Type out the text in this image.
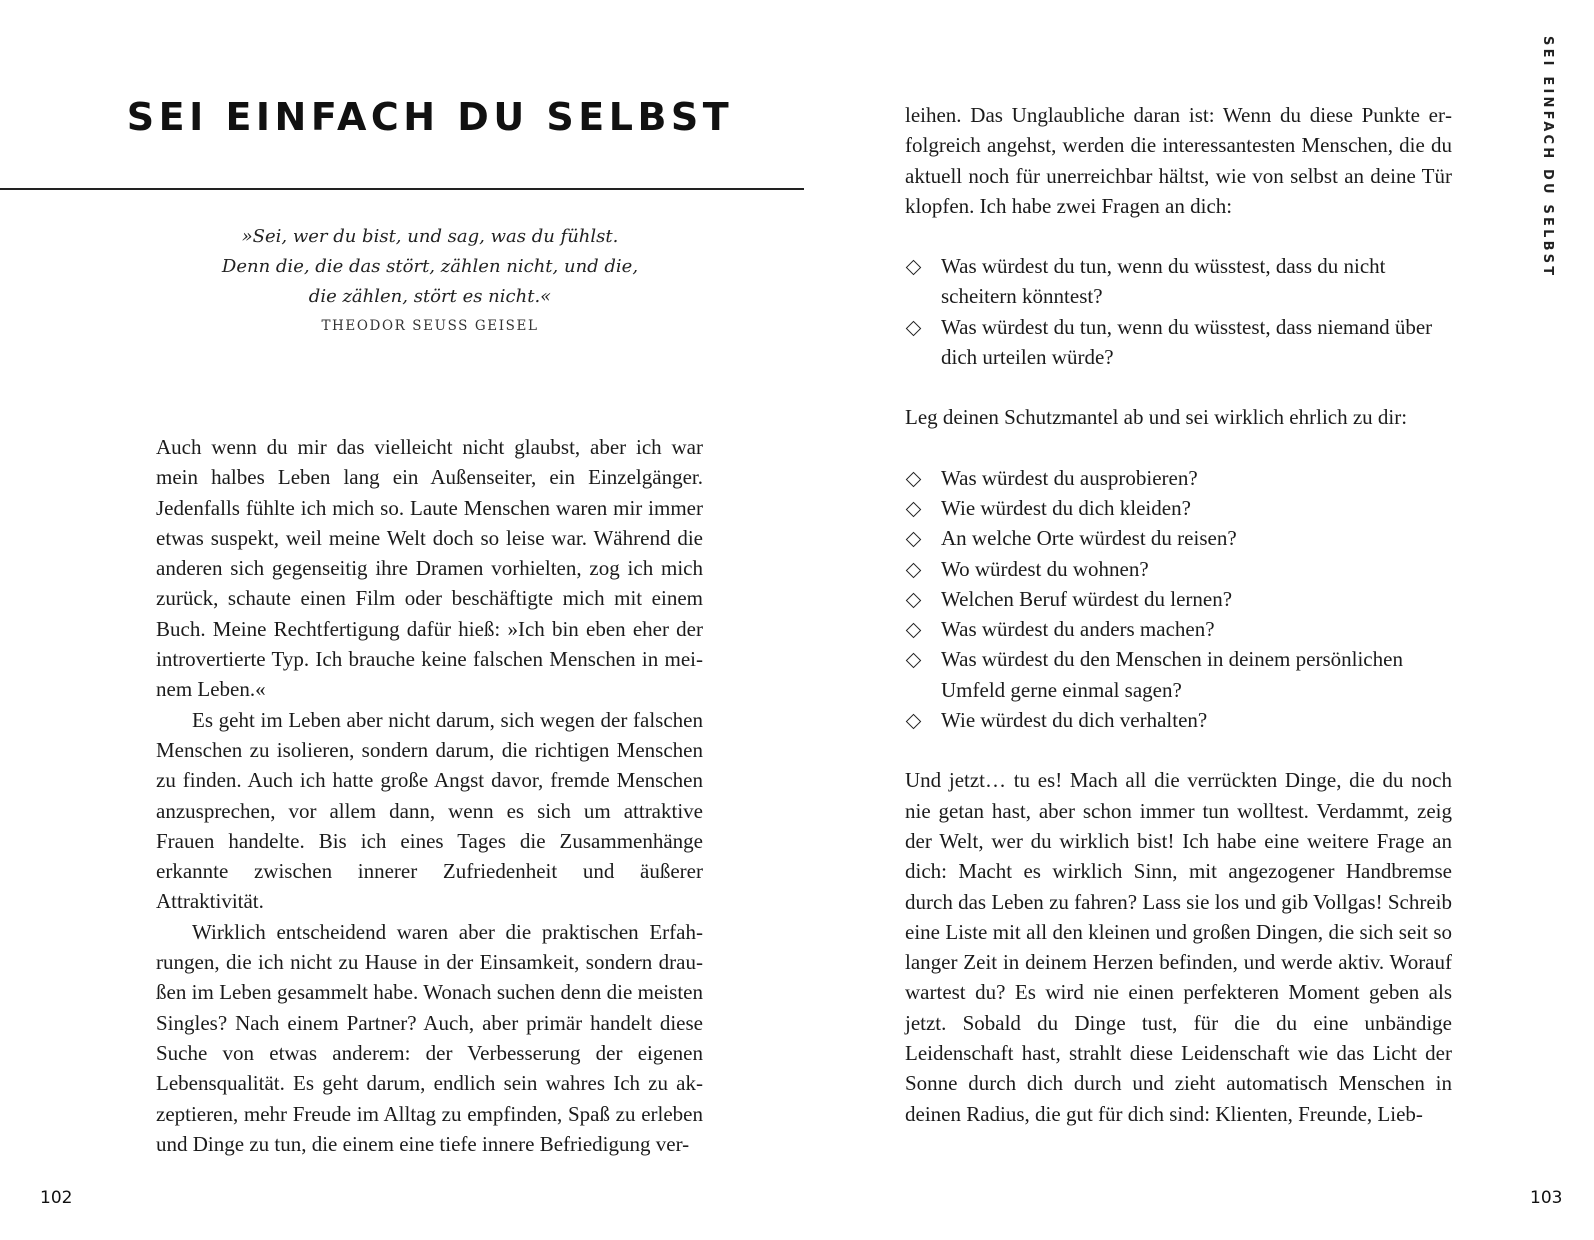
SEI EINFACH DU SELBST
»Sei, wer du bist, und sag, was du fühlst.
Denn die, die das stört, zählen nicht, und die,
die zählen, stört es nicht.«
THEODOR SEUSS GEISEL

Auch wenn du mir das vielleicht nicht glaubst, aber ich war mein halbes Leben lang ein Außenseiter, ein Einzelgänger. Jedenfalls fühlte ich mich so. Laute Menschen waren mir immer etwas suspekt, weil meine Welt doch so leise war. Während die anderen sich gegenseitig ihre Dramen vorhielten, zog ich mich zurück, schaute einen Film oder beschäftigte mich mit einem Buch. Meine Rechtfertigung dafür hieß: »Ich bin eben eher der introvertierte Typ. Ich brauche keine falschen Menschen in meinem Leben.«

Es geht im Leben aber nicht darum, sich wegen der falschen Menschen zu isolieren, sondern darum, die richtigen Menschen zu finden. Auch ich hatte große Angst davor, fremde Menschen anzusprechen, vor allem dann, wenn es sich um attraktive Frauen handelte. Bis ich eines Tages die Zusammenhänge erkannte zwischen innerer Zufriedenheit und äußerer Attraktivität.

Wirklich entscheidend waren aber die praktischen Erfahrungen, die ich nicht zu Hause in der Einsamkeit, sondern draußen im Leben gesammelt habe. Wonach suchen denn die meisten Singles? Nach einem Partner? Auch, aber primär handelt diese Suche von etwas anderem: der Verbesserung der eigenen Lebensqualität. Es geht darum, endlich sein wahres Ich zu akzeptieren, mehr Freude im Alltag zu empfinden, Spaß zu erleben und Dinge zu tun, die einem eine tiefe innere Befriedigung ver-

102

leihen. Das Unglaubliche daran ist: Wenn du diese Punkte erfolgreich angehst, werden die interessantesten Menschen, die du aktuell noch für unerreichbar hältst, wie von selbst an deine Tür klopfen. Ich habe zwei Fragen an dich:

Was würdest du tun, wenn du wüsstest, dass du nicht scheitern könntest?
Was würdest du tun, wenn du wüsstest, dass niemand über dich urteilen würde?

Leg deinen Schutzmantel ab und sei wirklich ehrlich zu dir:

Was würdest du ausprobieren?
Wie würdest du dich kleiden?
An welche Orte würdest du reisen?
Wo würdest du wohnen?
Welchen Beruf würdest du lernen?
Was würdest du anders machen?
Was würdest du den Menschen in deinem persönlichen Umfeld gerne einmal sagen?
Wie würdest du dich verhalten?

Und jetzt… tu es! Mach all die verrückten Dinge, die du noch nie getan hast, aber schon immer tun wolltest. Verdammt, zeig der Welt, wer du wirklich bist! Ich habe eine weitere Frage an dich: Macht es wirklich Sinn, mit angezogener Handbremse durch das Leben zu fahren? Lass sie los und gib Vollgas! Schreib eine Liste mit all den kleinen und großen Dingen, die sich seit so langer Zeit in deinem Herzen befinden, und werde aktiv. Worauf wartest du? Es wird nie einen perfekteren Moment geben als jetzt. Sobald du Dinge tust, für die du eine unbändige Leidenschaft hast, strahlt diese Leidenschaft wie das Licht der Sonne durch dich durch und zieht automatisch Menschen in deinen Radius, die gut für dich sind: Klienten, Freunde, Lieb-

SEI EINFACH DU SELBST
103
